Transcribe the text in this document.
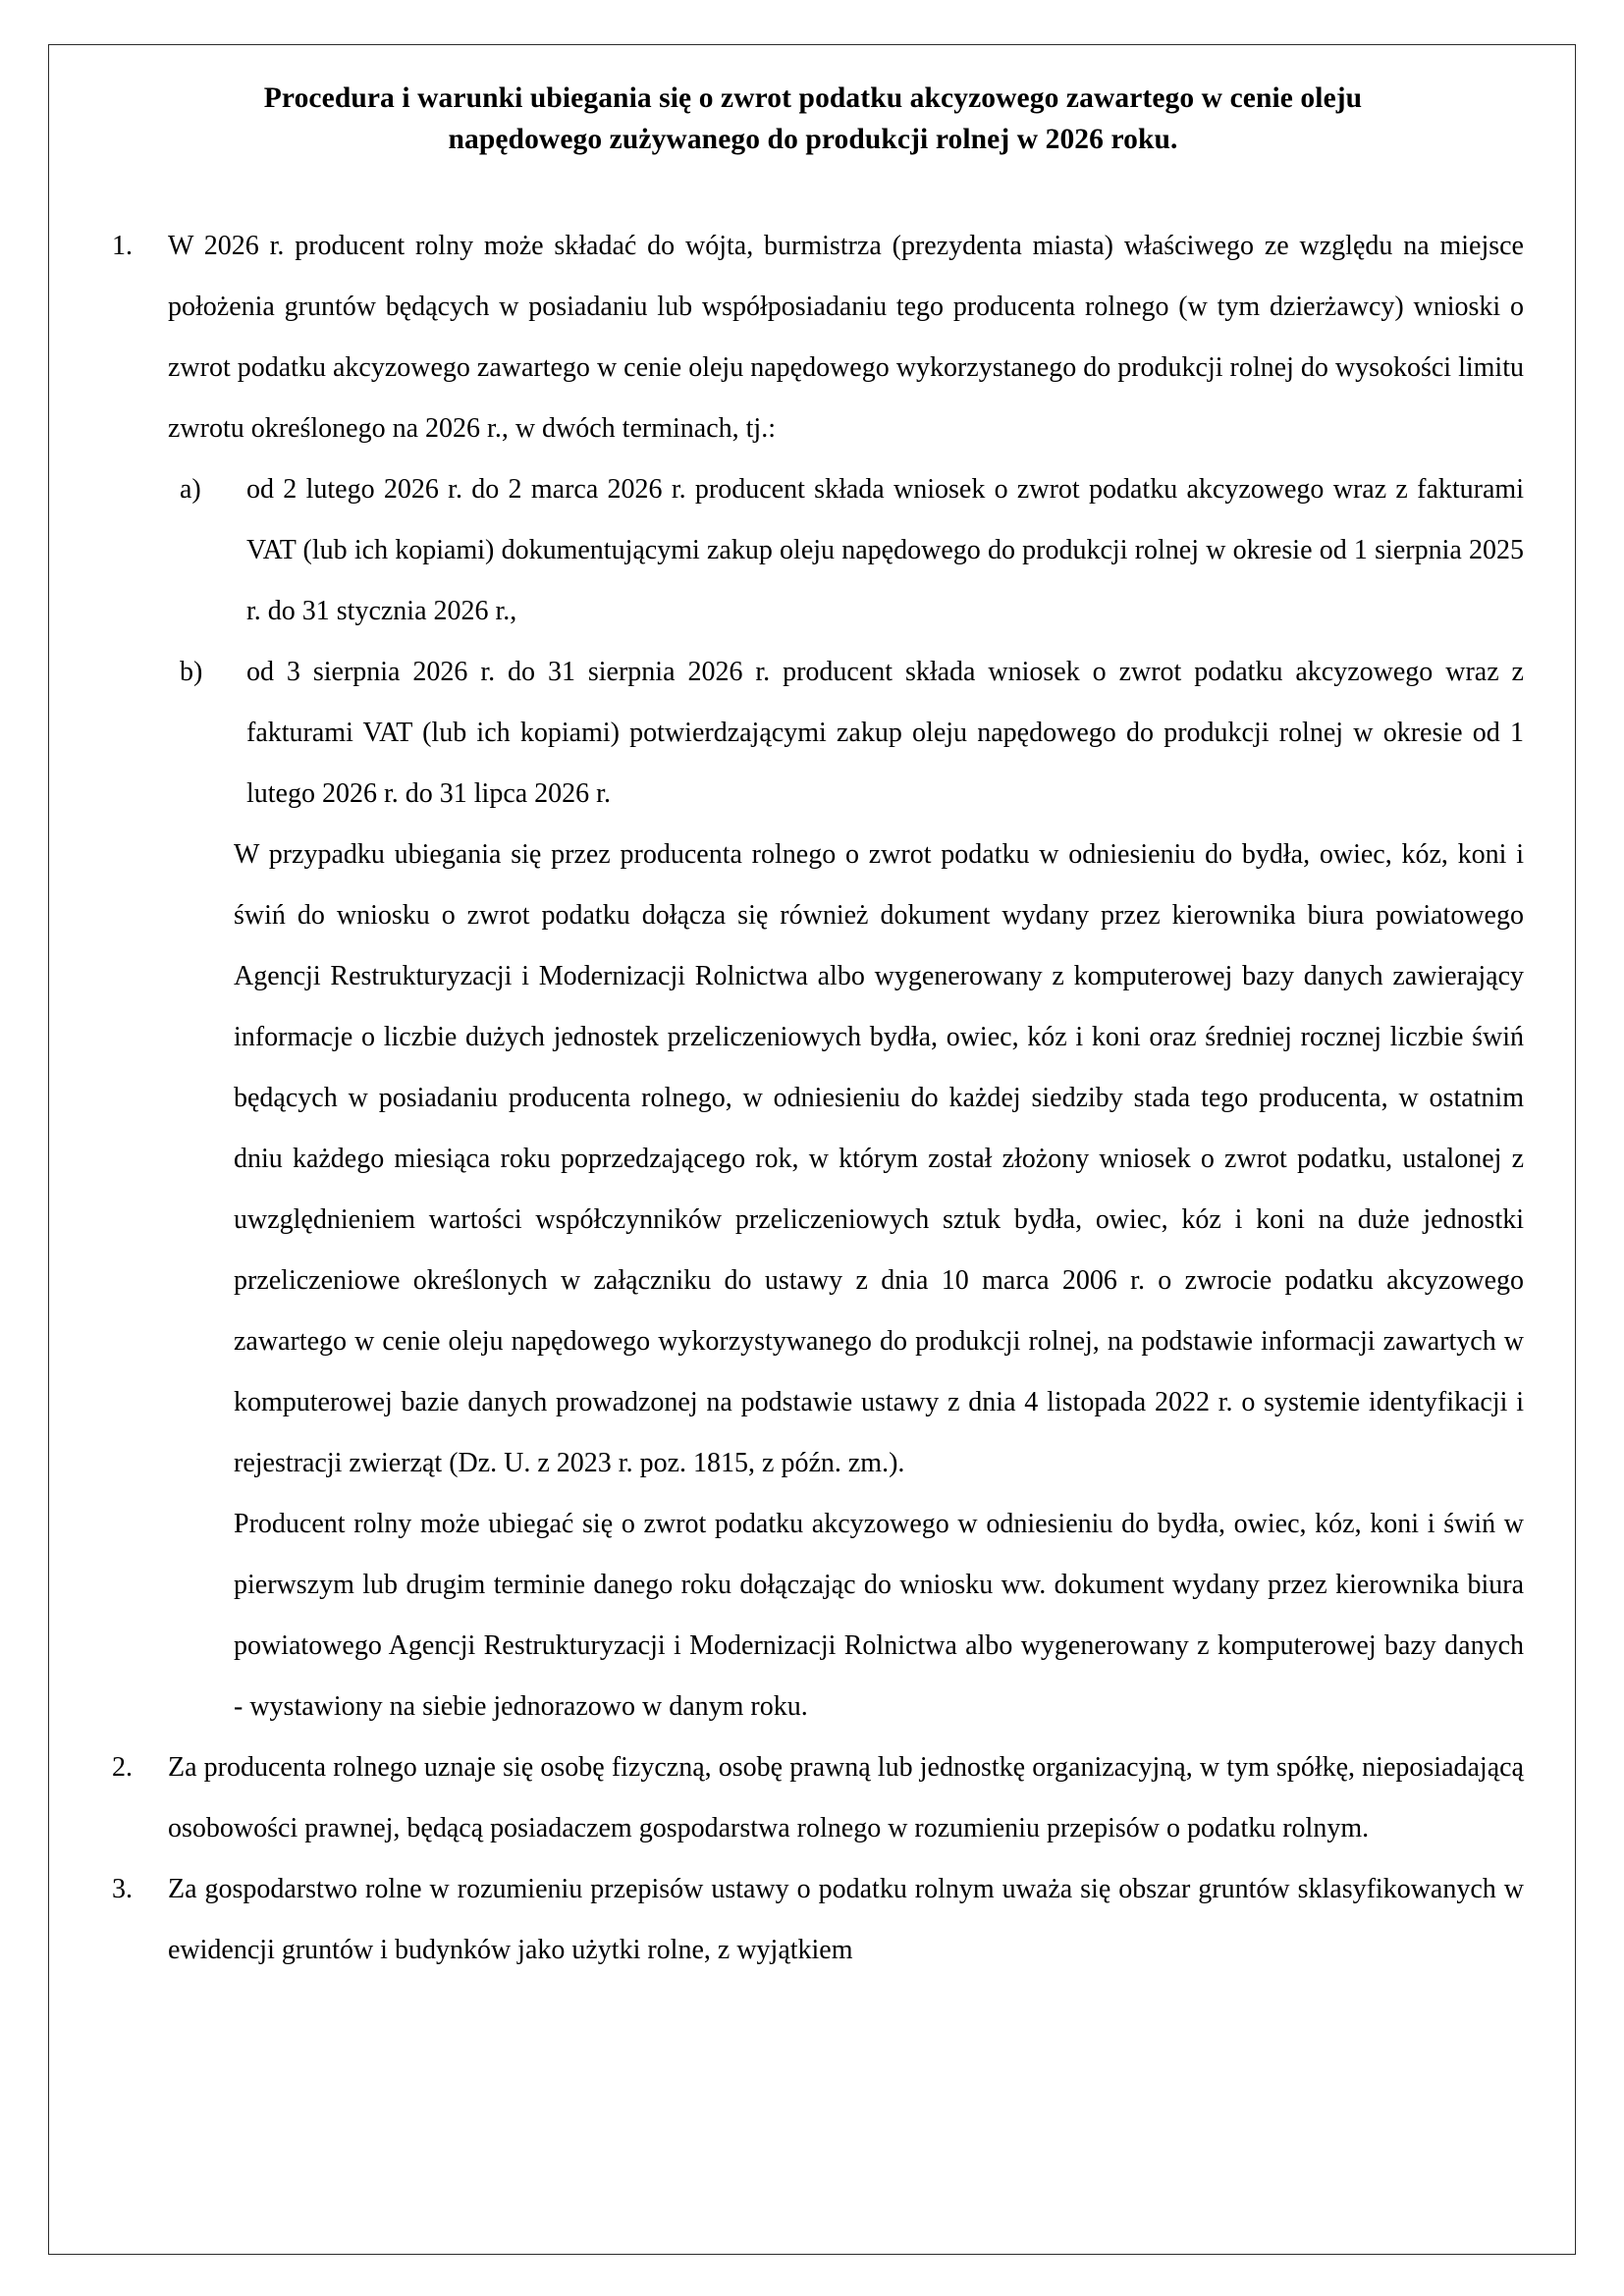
Procedura i warunki ubiegania się o zwrot podatku akcyzowego zawartego w cenie oleju
napędowego zużywanego do produkcji rolnej w 2026 roku.
1.	W 2026 r. producent rolny może składać do wójta, burmistrza (prezydenta miasta) właściwego ze względu na miejsce położenia gruntów będących w posiadaniu lub współposiadaniu tego producenta rolnego (w tym dzierżawcy) wnioski o zwrot podatku akcyzowego zawartego w cenie oleju napędowego wykorzystanego do produkcji rolnej do wysokości limitu zwrotu określonego na 2026 r., w dwóch terminach, tj.:

a) od 2 lutego 2026 r. do 2 marca 2026 r. producent składa wniosek o zwrot podatku akcyzowego wraz z fakturami VAT (lub ich kopiami) dokumentującymi zakup oleju napędowego do produkcji rolnej w okresie od 1 sierpnia 2025 r. do 31 stycznia 2026 r.,

b) od 3 sierpnia 2026 r. do 31 sierpnia 2026 r. producent składa wniosek o zwrot podatku akcyzowego wraz z fakturami VAT (lub ich kopiami) potwierdzającymi zakup oleju napędowego do produkcji rolnej w okresie od 1 lutego 2026 r. do 31 lipca 2026 r.

W przypadku ubiegania się przez producenta rolnego o zwrot podatku w odniesieniu do bydła, owiec, kóz, koni i świń do wniosku o zwrot podatku dołącza się również dokument wydany przez kierownika biura powiatowego Agencji Restrukturyzacji i Modernizacji Rolnictwa albo wygenerowany z komputerowej bazy danych zawierający informacje o liczbie dużych jednostek przeliczeniowych bydła, owiec, kóz i koni oraz średniej rocznej liczbie świń będących w posiadaniu producenta rolnego, w odniesieniu do każdej siedziby stada tego producenta, w ostatnim dniu każdego miesiąca roku poprzedzającego rok, w którym został złożony wniosek o zwrot podatku, ustalonej z uwzględnieniem wartości współczynników przeliczeniowych sztuk bydła, owiec, kóz i koni na duże jednostki przeliczeniowe określonych w załączniku do ustawy z dnia 10 marca 2006 r. o zwrocie podatku akcyzowego zawartego w cenie oleju napędowego wykorzystywanego do produkcji rolnej, na podstawie informacji zawartych w komputerowej bazie danych prowadzonej na podstawie ustawy z dnia 4 listopada 2022 r. o systemie identyfikacji i rejestracji zwierząt (Dz. U. z 2023 r. poz. 1815, z późn. zm.).

Producent rolny może ubiegać się o zwrot podatku akcyzowego w odniesieniu do bydła, owiec, kóz, koni i świń w pierwszym lub drugim terminie danego roku dołączając do wniosku ww. dokument wydany przez kierownika biura powiatowego Agencji Restrukturyzacji i Modernizacji Rolnictwa albo wygenerowany z komputerowej bazy danych - wystawiony na siebie jednorazowo w danym roku.

2.	Za producenta rolnego uznaje się osobę fizyczną, osobę prawną lub jednostkę organizacyjną, w tym spółkę, nieposiadającą osobowości prawnej, będącą posiadaczem gospodarstwa rolnego w rozumieniu przepisów o podatku rolnym.

3.	Za gospodarstwo rolne w rozumieniu przepisów ustawy o podatku rolnym uważa się obszar gruntów sklasyfikowanych w ewidencji gruntów i budynków jako użytki rolne, z wyjątkiem
